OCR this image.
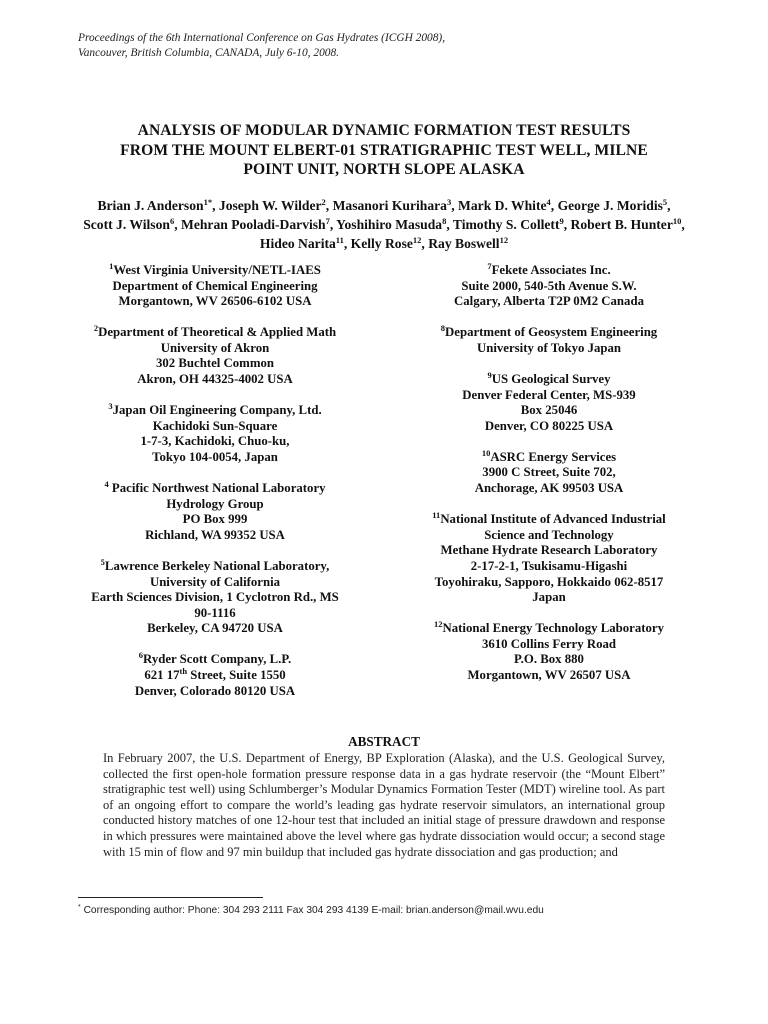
Proceedings of the 6th International Conference on Gas Hydrates (ICGH 2008),
Vancouver, British Columbia, CANADA, July 6-10, 2008.
ANALYSIS OF MODULAR DYNAMIC FORMATION TEST RESULTS
FROM THE MOUNT ELBERT-01 STRATIGRAPHIC TEST WELL, MILNE
POINT UNIT, NORTH SLOPE ALASKA
Brian J. Anderson$^{1*}$, Joseph W. Wilder$^2$, Masanori Kurihara$^3$, Mark D. White$^4$, George J. Moridis$^5$, Scott J. Wilson$^6$, Mehran Pooladi-Darvish$^7$, Yoshihiro Masuda$^8$, Timothy S. Collett$^9$, Robert B. Hunter$^{10}$, Hideo Narita$^{11}$, Kelly Rose$^{12}$, Ray Boswell$^{12}$
$^1$West Virginia University/NETL-IAES
Department of Chemical Engineering
Morgantown, WV 26506-6102 USA
$^2$Department of Theoretical & Applied Math
University of Akron
302 Buchtel Common
Akron, OH 44325-4002 USA
$^3$Japan Oil Engineering Company, Ltd.
Kachidoki Sun-Square
1-7-3, Kachidoki, Chuo-ku,
Tokyo 104-0054, Japan
$^4$ Pacific Northwest National Laboratory
Hydrology Group
PO Box 999
Richland, WA 99352 USA
$^5$Lawrence Berkeley National Laboratory,
University of California
Earth Sciences Division, 1 Cyclotron Rd., MS
90-1116
Berkeley, CA 94720 USA
$^6$Ryder Scott Company, L.P.
621 17th Street, Suite 1550
Denver, Colorado 80120 USA
$^7$Fekete Associates Inc.
Suite 2000, 540-5th Avenue S.W.
Calgary, Alberta T2P 0M2 Canada
$^8$Department of Geosystem Engineering
University of Tokyo Japan
$^9$US Geological Survey
Denver Federal Center, MS-939
Box 25046
Denver, CO 80225 USA
$^{10}$ASRC Energy Services
3900 C Street, Suite 702,
Anchorage, AK 99503 USA
$^{11}$National Institute of Advanced Industrial
Science and Technology
Methane Hydrate Research Laboratory
2-17-2-1, Tsukisamu-Higashi
Toyohiraku, Sapporo, Hokkaido 062-8517
Japan
$^{12}$National Energy Technology Laboratory
3610 Collins Ferry Road
P.O. Box 880
Morgantown, WV 26507 USA
ABSTRACT
In February 2007, the U.S. Department of Energy, BP Exploration (Alaska), and the U.S. Geological Survey, collected the first open-hole formation pressure response data in a gas hydrate reservoir (the “Mount Elbert” stratigraphic test well) using Schlumberger’s Modular Dynamics Formation Tester (MDT) wireline tool. As part of an ongoing effort to compare the world’s leading gas hydrate reservoir simulators, an international group conducted history matches of one 12-hour test that included an initial stage of pressure drawdown and response in which pressures were maintained above the level where gas hydrate dissociation would occur; a second stage with 15 min of flow and 97 min buildup that included gas hydrate dissociation and gas production; and
* Corresponding author: Phone: 304 293 2111 Fax 304 293 4139 E-mail: brian.anderson@mail.wvu.edu
